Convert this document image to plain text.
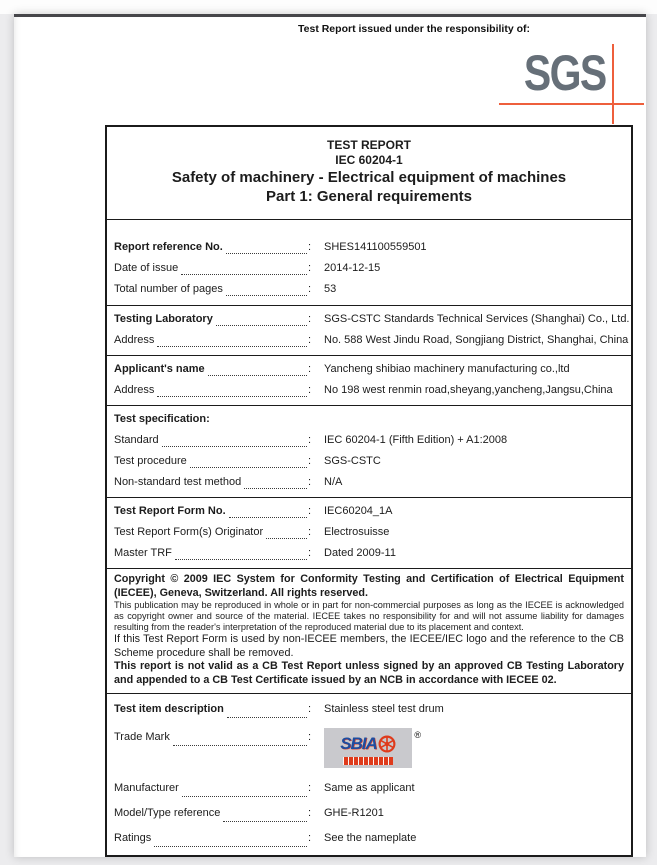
Test Report issued under the responsibility of:
SGS
TEST REPORT
IEC 60204-1
Safety of machinery - Electrical equipment of machines
Part 1: General requirements
Report reference No.	: SHES141100559501
Date of issue	: 2014-12-15
Total number of pages	: 53
Testing Laboratory	: SGS-CSTC Standards Technical Services (Shanghai) Co., Ltd.
Address	: No. 588 West Jindu Road, Songjiang District, Shanghai, China
Applicant's name	: Yancheng shibiao machinery manufacturing co.,ltd
Address	: No 198 west renmin road,sheyang,yancheng,Jangsu,China
Test specification:
Standard	: IEC 60204-1 (Fifth Edition) + A1:2008
Test procedure	: SGS-CSTC
Non-standard test method	: N/A
Test Report Form No.	: IEC60204_1A
Test Report Form(s) Originator	: Electrosuisse
Master TRF	: Dated 2009-11
Copyright © 2009 IEC System for Conformity Testing and Certification of Electrical Equipment (IECEE), Geneva, Switzerland. All rights reserved.
This publication may be reproduced in whole or in part for non-commercial purposes as long as the IECEE is acknowledged as copyright owner and source of the material. IECEE takes no responsibility for and will not assume liability for damages resulting from the reader's interpretation of the reproduced material due to its placement and context.
If this Test Report Form is used by non-IECEE members, the IECEE/IEC logo and the reference to the CB Scheme procedure shall be removed.
This report is not valid as a CB Test Report unless signed by an approved CB Testing Laboratory and appended to a CB Test Certificate issued by an NCB in accordance with IECEE 02.
Test item description	: Stainless steel test drum
Trade Mark	:	®
SBIA
Manufacturer	: Same as applicant
Model/Type reference	: GHE-R1201
Ratings	: See the nameplate
